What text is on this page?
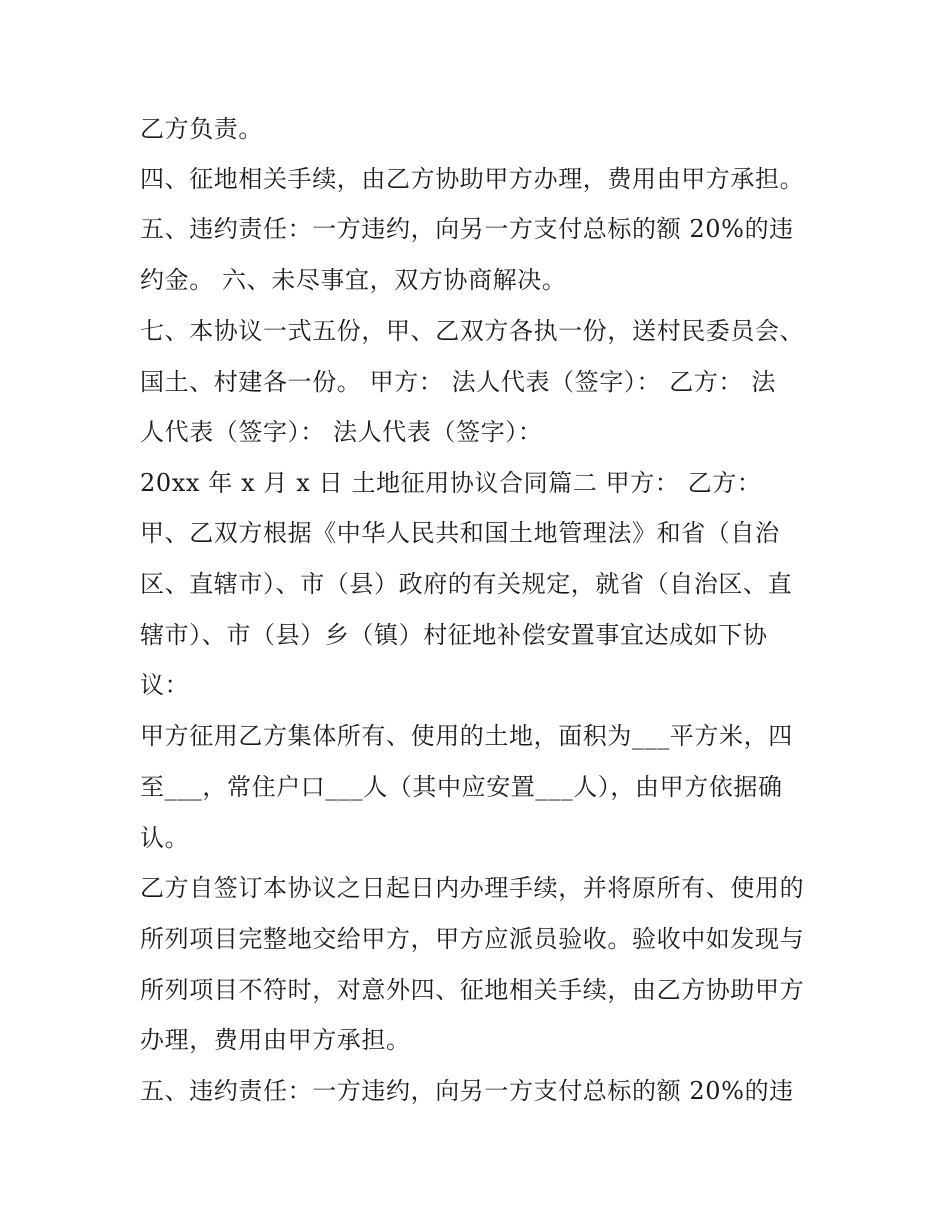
乙方负责。

四、征地相关手续，由乙方协助甲方办理，费用由甲方承担。

五、违约责任：一方违约，向另一方支付总标的额 20%的违

约金。 六、未尽事宜，双方协商解决。

七、本协议一式五份，甲、乙双方各执一份，送村民委员会、

国土、村建各一份。 甲方： 法人代表（签字）： 乙方： 法

人代表（签字）： 法人代表（签字）：

20xx 年 x 月 x 日 土地征用协议合同篇二 甲方： 乙方：

甲、乙双方根据《中华人民共和国土地管理法》和省（自治

区、直辖市）、市（县）政府的有关规定，就省（自治区、直

辖市）、市（县）乡（镇）村征地补偿安置事宜达成如下协

议：

甲方征用乙方集体所有、使用的土地，面积为___平方米，四

至___，常住户口___人（其中应安置___人），由甲方依据确

认。

乙方自签订本协议之日起日内办理手续，并将原所有、使用的

所列项目完整地交给甲方，甲方应派员验收。验收中如发现与

所列项目不符时，对意外四、征地相关手续，由乙方协助甲方

办理，费用由甲方承担。

五、违约责任：一方违约，向另一方支付总标的额 20%的违
